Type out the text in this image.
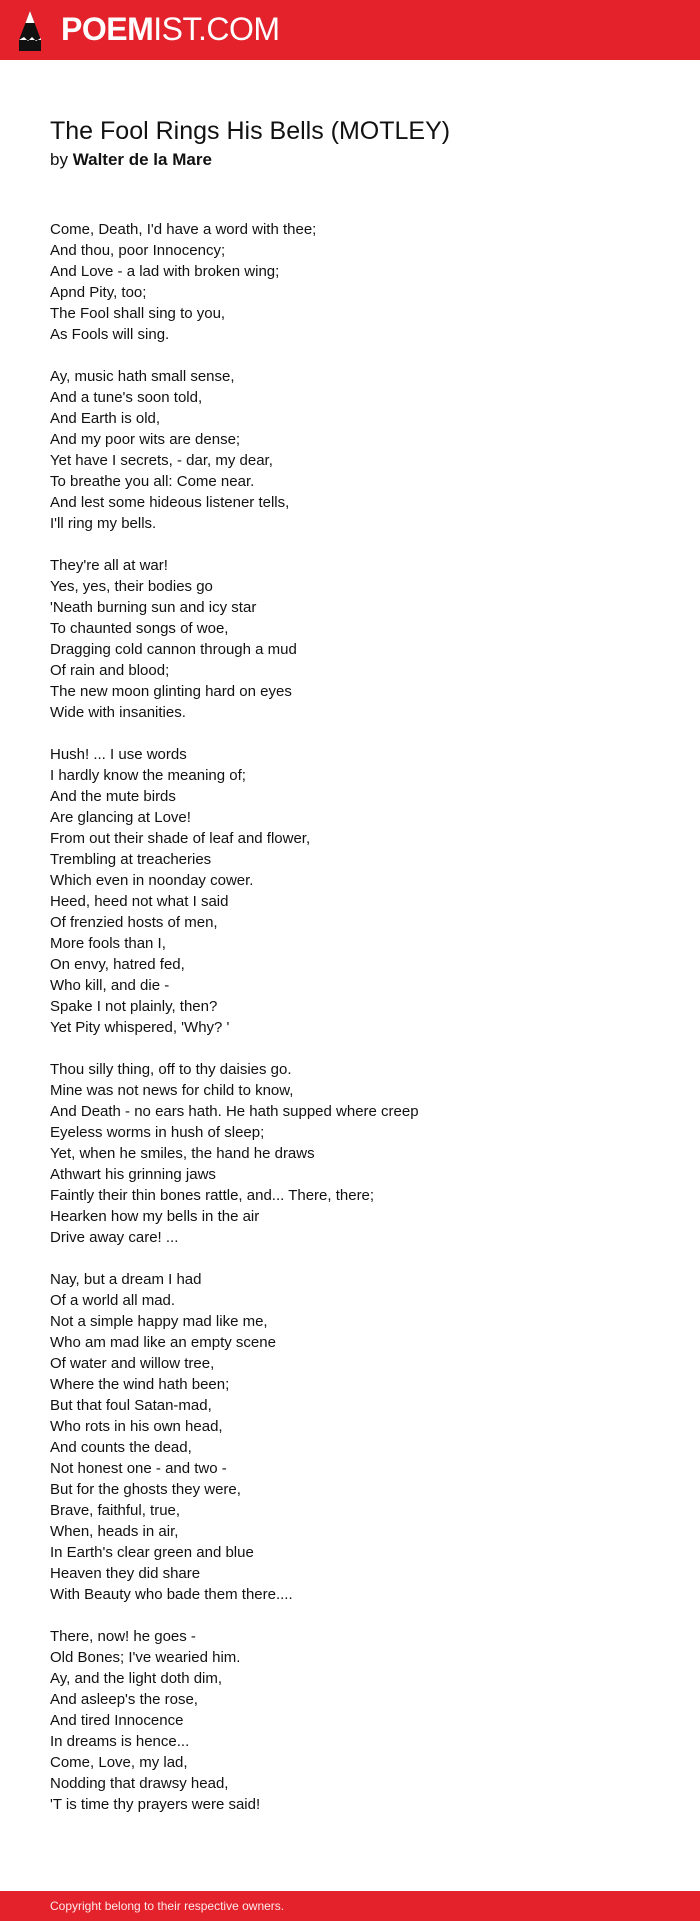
POEMIST.COM
The Fool Rings His Bells (MOTLEY)
by Walter de la Mare
Come, Death, I'd have a word with thee;
And thou, poor Innocency;
And Love - a lad with broken wing;
Apnd Pity, too;
The Fool shall sing to you,
As Fools will sing.
Ay, music hath small sense,
And a tune's soon told,
And Earth is old,
And my poor wits are dense;
Yet have I secrets, - dar, my dear,
To breathe you all: Come near.
And lest some hideous listener tells,
I'll ring my bells.
They're all at war!
Yes, yes, their bodies go
'Neath burning sun and icy star
To chaunted songs of woe,
Dragging cold cannon through a mud
Of rain and blood;
The new moon glinting hard on eyes
Wide with insanities.
Hush! ... I use words
I hardly know the meaning of;
And the mute birds
Are glancing at Love!
From out their shade of leaf and flower,
Trembling at treacheries
Which even in noonday cower.
Heed, heed not what I said
Of frenzied hosts of men,
More fools than I,
On envy, hatred fed,
Who kill, and die -
Spake I not plainly, then?
Yet Pity whispered, 'Why? '
Thou silly thing, off to thy daisies go.
Mine was not news for child to know,
And Death - no ears hath. He hath supped where creep
Eyeless worms in hush of sleep;
Yet, when he smiles, the hand he draws
Athwart his grinning jaws
Faintly their thin bones rattle, and... There, there;
Hearken how my bells in the air
Drive away care! ...
Nay, but a dream I had
Of a world all mad.
Not a simple happy mad like me,
Who am mad like an empty scene
Of water and willow tree,
Where the wind hath been;
But that foul Satan-mad,
Who rots in his own head,
And counts the dead,
Not honest one - and two -
But for the ghosts they were,
Brave, faithful, true,
When, heads in air,
In Earth's clear green and blue
Heaven they did share
With Beauty who bade them there....
There, now! he goes -
Old Bones; I've wearied him.
Ay, and the light doth dim,
And asleep's the rose,
And tired Innocence
In dreams is hence...
Come, Love, my lad,
Nodding that drawsy head,
'T is time thy prayers were said!
Copyright belong to their respective owners.
